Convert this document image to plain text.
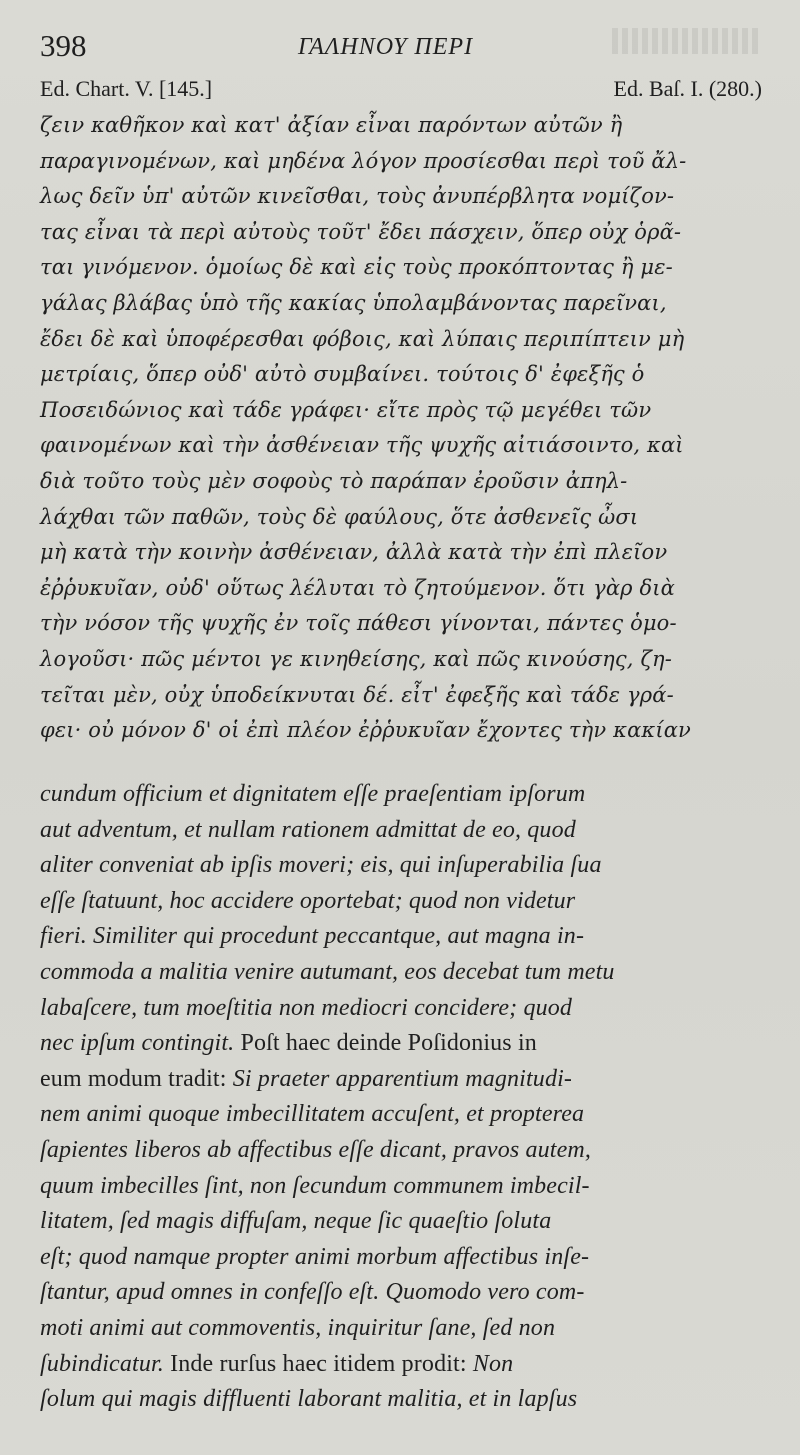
398	ΓΑΛΗΝΟΥ ΠΕΡΙ
Ed. Chart. V. [145.]	Ed. Baſ. I. (280.)
ζειν καθῆκον καὶ κατ' ἀξίαν εἶναι παρόντων αὐτῶν ἢ
παραγινομένων, καὶ μηδένα λόγον προσίεσθαι περὶ τοῦ ἄλ-
λως δεῖν ὑπ' αὐτῶν κινεῖσθαι, τοὺς ἀνυπέρβλητα νομίζον-
τας εἶναι τὰ περὶ αὐτοὺς τοῦτ' ἔδει πάσχειν, ὅπερ οὐχ ὁρᾶ-
ται γινόμενον. ὁμοίως δὲ καὶ εἰς τοὺς προκόπτοντας ἢ με-
γάλας βλάβας ὑπὸ τῆς κακίας ὑπολαμβάνοντας παρεῖναι,
ἔδει δὲ καὶ ὑποφέρεσθαι φόβοις, καὶ λύπαις περιπίπτειν μὴ
μετρίαις, ὅπερ οὐδ' αὐτὸ συμβαίνει. τούτοις δ' ἐφεξῆς ὁ
Ποσειδώνιος καὶ τάδε γράφει· εἴτε πρὸς τῷ μεγέθει τῶν
φαινομένων καὶ τὴν ἀσθένειαν τῆς ψυχῆς αἰτιάσοιντο, καὶ
διὰ τοῦτο τοὺς μὲν σοφοὺς τὸ παράπαν ἐροῦσιν ἀπηλ-
λάχθαι τῶν παθῶν, τοὺς δὲ φαύλους, ὅτε ἀσθενεῖς ὦσι
μὴ κατὰ τὴν κοινὴν ἀσθένειαν, ἀλλὰ κατὰ τὴν ἐπὶ πλεῖον
ἐῤῥυκυῖαν, οὐδ' οὕτως λέλυται τὸ ζητούμενον. ὅτι γὰρ διὰ
τὴν νόσον τῆς ψυχῆς ἐν τοῖς πάθεσι γίνονται, πάντες ὁμο-
λογοῦσι· πῶς μέντοι γε κινηθείσης, καὶ πῶς κινούσης, ζη-
τεῖται μὲν, οὐχ ὑποδείκνυται δέ. εἶτ' ἐφεξῆς καὶ τάδε γρά-
φει· οὐ μόνον δ' οἱ ἐπὶ πλέον ἐῤῥυκυῖαν ἔχοντες τὴν κακίαν
cundum officium et dignitatem eſſe praeſentiam ipſorum
aut adventum, et nullam rationem admittat de eo, quod
aliter conveniat ab ipſis moveri; eis, qui inſuperabilia ſua
eſſe ſtatuunt, hoc accidere oportebat; quod non videtur
fieri. Similiter qui procedunt peccantque, aut magna in-
commoda a malitia venire autumant, eos decebat tum metu
labaſcere, tum moeſtitia non mediocri concidere; quod
nec ipſum contingit. Poſt haec deinde Poſidonius in
eum modum tradit: Si praeter apparentium magnitudi-
nem animi quoque imbecillitatem accuſent, et propterea
ſapientes liberos ab affectibus eſſe dicant, pravos autem,
quum imbecilles ſint, non ſecundum communem imbecil-
litatem, ſed magis diffuſam, neque ſic quaeſtio ſoluta
eſt; quod namque propter animi morbum affectibus inſe-
ſtantur, apud omnes in confeſſo eſt. Quomodo vero com-
moti animi aut commoventis, inquiritur ſane, ſed non
ſubindicatur. Inde rurſus haec itidem prodit: Non
ſolum qui magis diffluenti laborant malitia, et in lapſus
